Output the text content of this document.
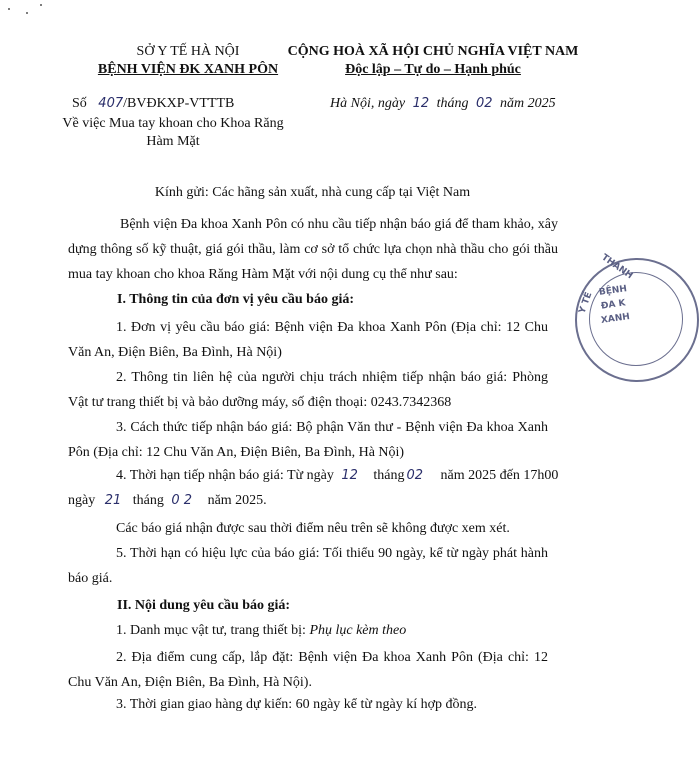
SỞ Y TẾ HÀ NỘI
BỆNH VIỆN ĐK XANH PÔN
CỘNG HOÀ XÃ HỘI CHỦ NGHĨA VIỆT NAM
Độc lập – Tự do – Hạnh phúc
Số 407/BVĐKXP-VTTTB
Về việc Mua tay khoan cho Khoa Răng
Hàm Mặt
Hà Nội, ngày 12 tháng 02 năm 2025
Kính gửi: Các hãng sản xuất, nhà cung cấp tại Việt Nam
Bệnh viện Đa khoa Xanh Pôn có nhu cầu tiếp nhận báo giá để tham khảo, xây dựng thông số kỹ thuật, giá gói thầu, làm cơ sở tổ chức lựa chọn nhà thầu cho gói thầu mua tay khoan cho khoa Răng Hàm Mặt với nội dung cụ thể như sau:
I. Thông tin của đơn vị yêu cầu báo giá:
1. Đơn vị yêu cầu báo giá: Bệnh viện Đa khoa Xanh Pôn (Địa chỉ: 12 Chu Văn An, Điện Biên, Ba Đình, Hà Nội)
2. Thông tin liên hệ của người chịu trách nhiệm tiếp nhận báo giá: Phòng Vật tư trang thiết bị và bảo dưỡng máy, số điện thoại: 0243.7342368
3. Cách thức tiếp nhận báo giá: Bộ phận Văn thư - Bệnh viện Đa khoa Xanh Pôn (Địa chỉ: 12 Chu Văn An, Điện Biên, Ba Đình, Hà Nội)
4. Thời hạn tiếp nhận báo giá: Từ ngày 12 tháng 02 năm 2025 đến 17h00
ngày 21 tháng 0 2 năm 2025.
Các báo giá nhận được sau thời điểm nêu trên sẽ không được xem xét.
5. Thời hạn có hiệu lực của báo giá: Tối thiểu 90 ngày, kể từ ngày phát hành báo giá.
II. Nội dung yêu cầu báo giá:
1. Danh mục vật tư, trang thiết bị: Phụ lục kèm theo
2. Địa điểm cung cấp, lắp đặt: Bệnh viện Đa khoa Xanh Pôn (Địa chỉ: 12 Chu Văn An, Điện Biên, Ba Đình, Hà Nội).
3. Thời gian giao hàng dự kiến: 60 ngày kể từ ngày kí hợp đồng.
THÀNH
Y TẾ BỆNH
ĐA K
XANH
